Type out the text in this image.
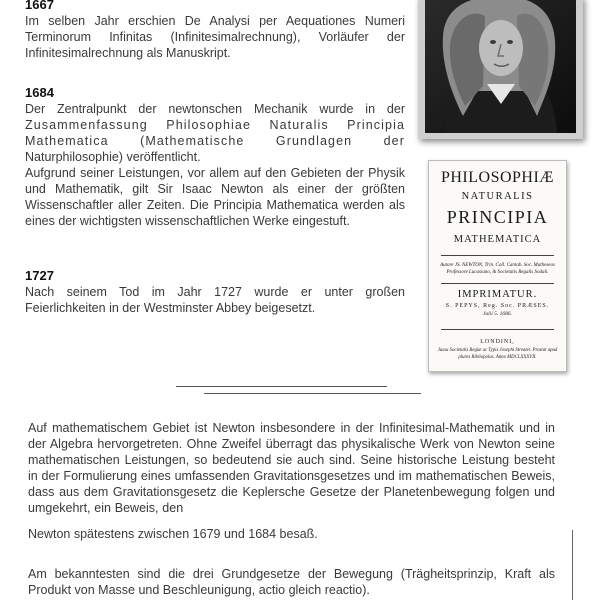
1667

Im selben Jahr erschien De Analysi per Aequationes Numeri Terminorum Infinitas (Infinitesimalrechnung), Vorläufer der Infinitesimalrechnung als Manuskript.

1684

Der Zentralpunkt der newtonschen Mechanik wurde in der Zusammenfassung Philosophiae Naturalis Principia Mathematica (Mathematische Grundlagen der Naturphilosophie) veröffentlicht.

Aufgrund seiner Leistungen, vor allem auf den Gebieten der Physik und Mathematik, gilt Sir Isaac Newton als einer der größten Wissenschaftler aller Zeiten. Die Principia Mathematica werden als eines der wichtigsten wissenschaftlichen Werke eingestuft.

1727

Nach seinem Tod im Jahr 1727 wurde er unter großen Feierlichkeiten in der Westminster Abbey beigesetzt.

PHILOSOPHIÆ
NATURALIS
PRINCIPIA
MATHEMATICA
Autore JS. NEWTON, Trin. Coll. Cantab. Soc. Matheseos Professore Lucasiano, & Societatis Regalis Sodali.
IMPRIMATUR.
S. PEPYS, Reg. Soc. PRÆSES.
Julii 5. 1686.
LONDINI,
Jussu Societatis Regiæ ac Typis Josephi Streater. Prostat apud plures Bibliopolas. Anno MDCLXXXVII.

Auf mathematischem Gebiet ist Newton insbesondere in der Infinitesimal-Mathematik und in der Algebra hervorgetreten. Ohne Zweifel überragt das physikalische Werk von Newton seine mathematischen Leistungen, so bedeutend sie auch sind. Seine historische Leistung besteht in der Formulierung eines umfassenden Gravitationsgesetzes und im mathematischen Beweis, dass aus dem Gravitationsgesetz die Keplersche Gesetze der Planetenbewegung folgen und umgekehrt, ein Beweis, den

Newton spätestens zwischen 1679 und 1684 besaß.

Am bekanntesten sind die drei Grundgesetze der Bewegung (Trägheitsprinzip, Kraft als Produkt von Masse und Beschleunigung, actio gleich reactio).
